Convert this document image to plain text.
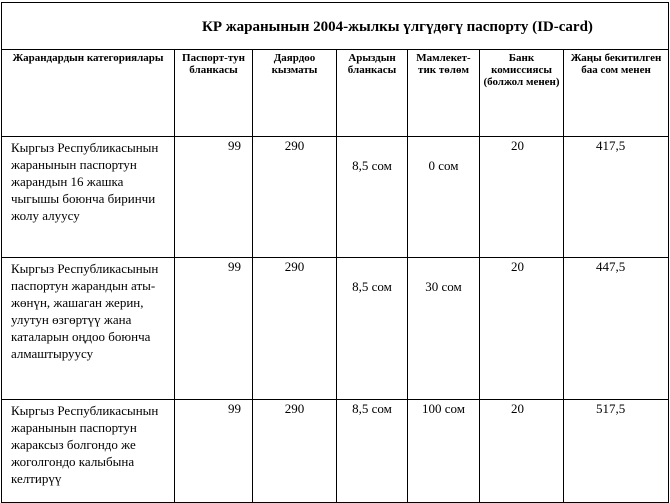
КР жаранынын 2004-жылкы үлгүдөгү паспорту (ID-card)						

Жарандардын категориялары	Паспорт-тун бланкасы	Даярдоо кызматы	Арыздын бланкасы	Мамлекет-тик төлөм	Банк комиссиясы (болжол менен)	Жаңы бекитилген баа сом менен

Кыргыз Республикасынын жаранынын паспортун жарандын 16 жашка чыгышы боюнча биринчи жолу алуусу	99	290	8,5 сом	0 сом	20	417,5
Кыргыз Республикасынын паспортун жарандын аты-жөнүн, жашаган жерин, улутун өзгөртүү жана каталарын оңдоо боюнча алмаштыруусу	99	290	8,5 сом	30 сом	20	447,5
Кыргыз Республикасынын жаранынын паспортун жараксыз болгондо же жоголгондо калыбына келтирүү	99	290	8,5 сом	100 сом	20	517,5
